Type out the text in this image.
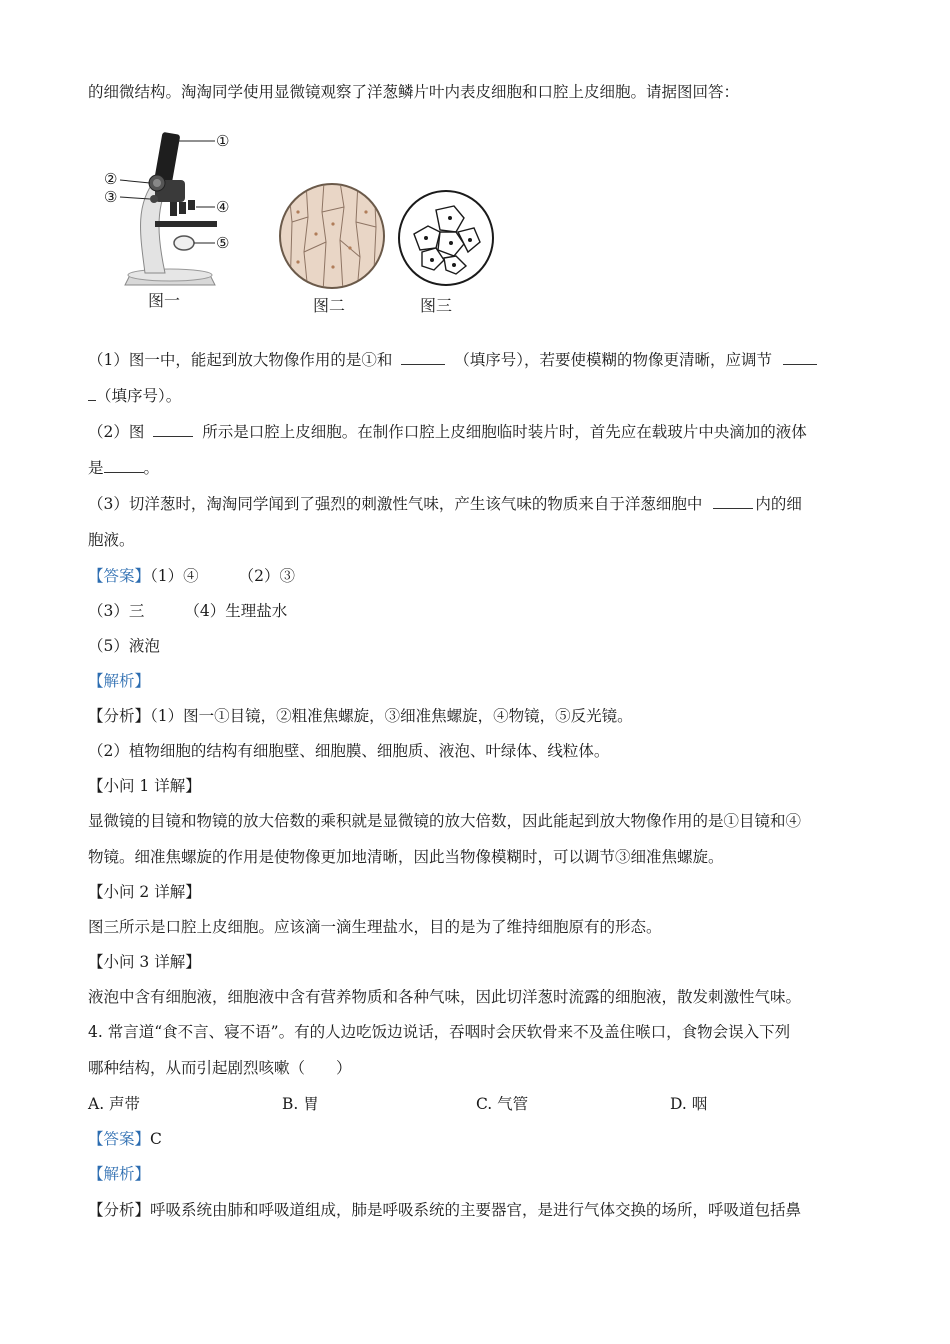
的细微结构。淘淘同学使用显微镜观察了洋葱鳞片叶内表皮细胞和口腔上皮细胞。请据图回答：
①
②
③
④
⑤
图一	图二	图三
（1）图一中，能起到放大物像作用的是①和	（填序号），若要使模糊的物像更清晰，应调节
（填序号）。
（2）图	所示是口腔上皮细胞。在制作口腔上皮细胞临时装片时，首先应在载玻片中央滴加的液体
是	。
（3）切洋葱时，淘淘同学闻到了强烈的刺激性气味，产生该气味的物质来自于洋葱细胞中	内的细
胞液。
【答案】（1）④	（2）③
（3）三	（4）生理盐水
（5）液泡
【解析】
【分析】（1）图一①目镜，②粗准焦螺旋，③细准焦螺旋，④物镜，⑤反光镜。
（2）植物细胞的结构有细胞壁、细胞膜、细胞质、液泡、叶绿体、线粒体。
【小问 1 详解】
显微镜的目镜和物镜的放大倍数的乘积就是显微镜的放大倍数，因此能起到放大物像作用的是①目镜和④
物镜。细准焦螺旋的作用是使物像更加地清晰，因此当物像模糊时，可以调节③细准焦螺旋。
【小问 2 详解】
图三所示是口腔上皮细胞。应该滴一滴生理盐水，目的是为了维持细胞原有的形态。
【小问 3 详解】
液泡中含有细胞液，细胞液中含有营养物质和各种气味，因此切洋葱时流露的细胞液，散发刺激性气味。
4. 常言道“食不言、寝不语”。有的人边吃饭边说话，吞咽时会厌软骨来不及盖住喉口，食物会误入下列
哪种结构，从而引起剧烈咳嗽（　　）
A. 声带	B. 胃	C. 气管	D. 咽
【答案】C
【解析】
【分析】呼吸系统由肺和呼吸道组成，肺是呼吸系统的主要器官，是进行气体交换的场所，呼吸道包括鼻
